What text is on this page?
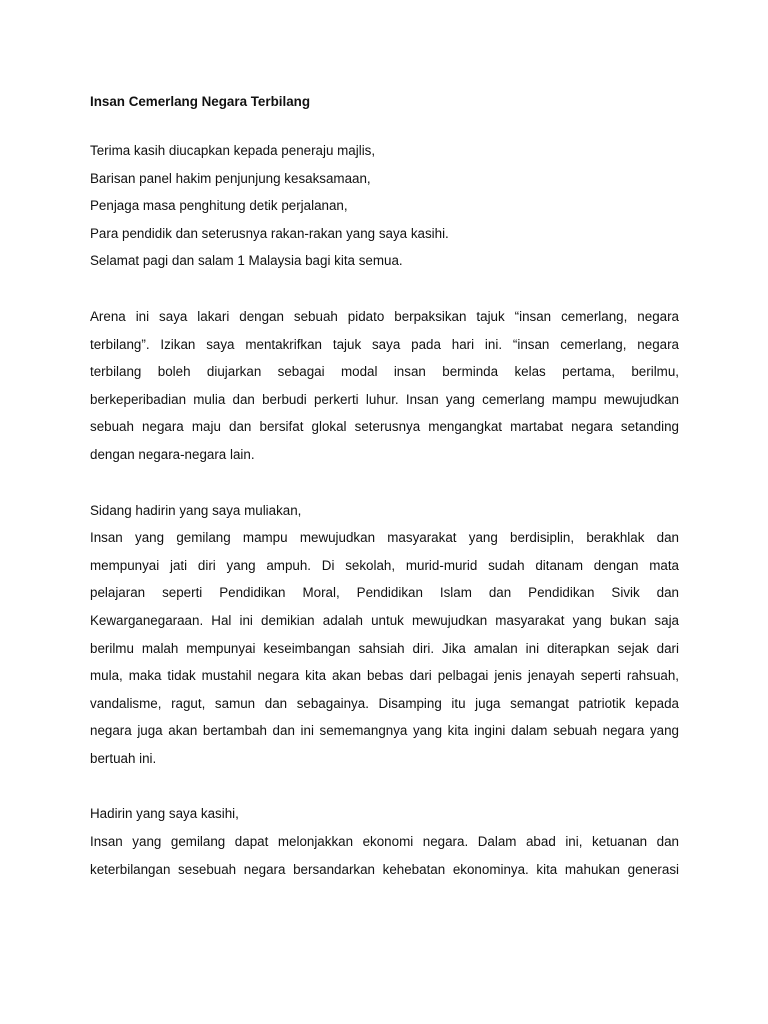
Insan Cemerlang Negara Terbilang
Terima kasih diucapkan kepada peneraju majlis,
Barisan panel hakim penjunjung kesaksamaan,
Penjaga masa penghitung detik perjalanan,
Para pendidik dan seterusnya rakan-rakan yang saya kasihi.
Selamat pagi dan salam 1 Malaysia bagi kita semua.
Arena ini saya lakari dengan sebuah pidato berpaksikan tajuk “insan cemerlang, negara
terbilang”. Izikan saya mentakrifkan tajuk saya pada hari ini. “insan cemerlang, negara
terbilang boleh diujarkan sebagai modal insan berminda kelas pertama, berilmu,
berkeperibadian mulia dan berbudi perkerti luhur. Insan yang cemerlang mampu mewujudkan
sebuah negara maju dan bersifat glokal seterusnya mengangkat martabat negara setanding
dengan negara-negara lain.
Sidang hadirin yang saya muliakan,
Insan yang gemilang mampu mewujudkan masyarakat yang berdisiplin, berakhlak dan
mempunyai jati diri yang ampuh. Di sekolah, murid-murid sudah ditanam dengan mata
pelajaran seperti Pendidikan Moral, Pendidikan Islam dan Pendidikan Sivik dan
Kewarganegaraan. Hal ini demikian adalah untuk mewujudkan masyarakat yang bukan saja
berilmu malah mempunyai keseimbangan sahsiah diri. Jika amalan ini diterapkan sejak dari
mula, maka tidak mustahil negara kita akan bebas dari pelbagai jenis jenayah seperti rahsuah,
vandalisme, ragut, samun dan sebagainya. Disamping itu juga semangat patriotik kepada
negara juga akan bertambah dan ini sememangnya yang kita ingini dalam sebuah negara yang
bertuah ini.
Hadirin yang saya kasihi,
Insan yang gemilang dapat melonjakkan ekonomi negara. Dalam abad ini, ketuanan dan
keterbilangan sesebuah negara bersandarkan kehebatan ekonominya. kita mahukan generasi
